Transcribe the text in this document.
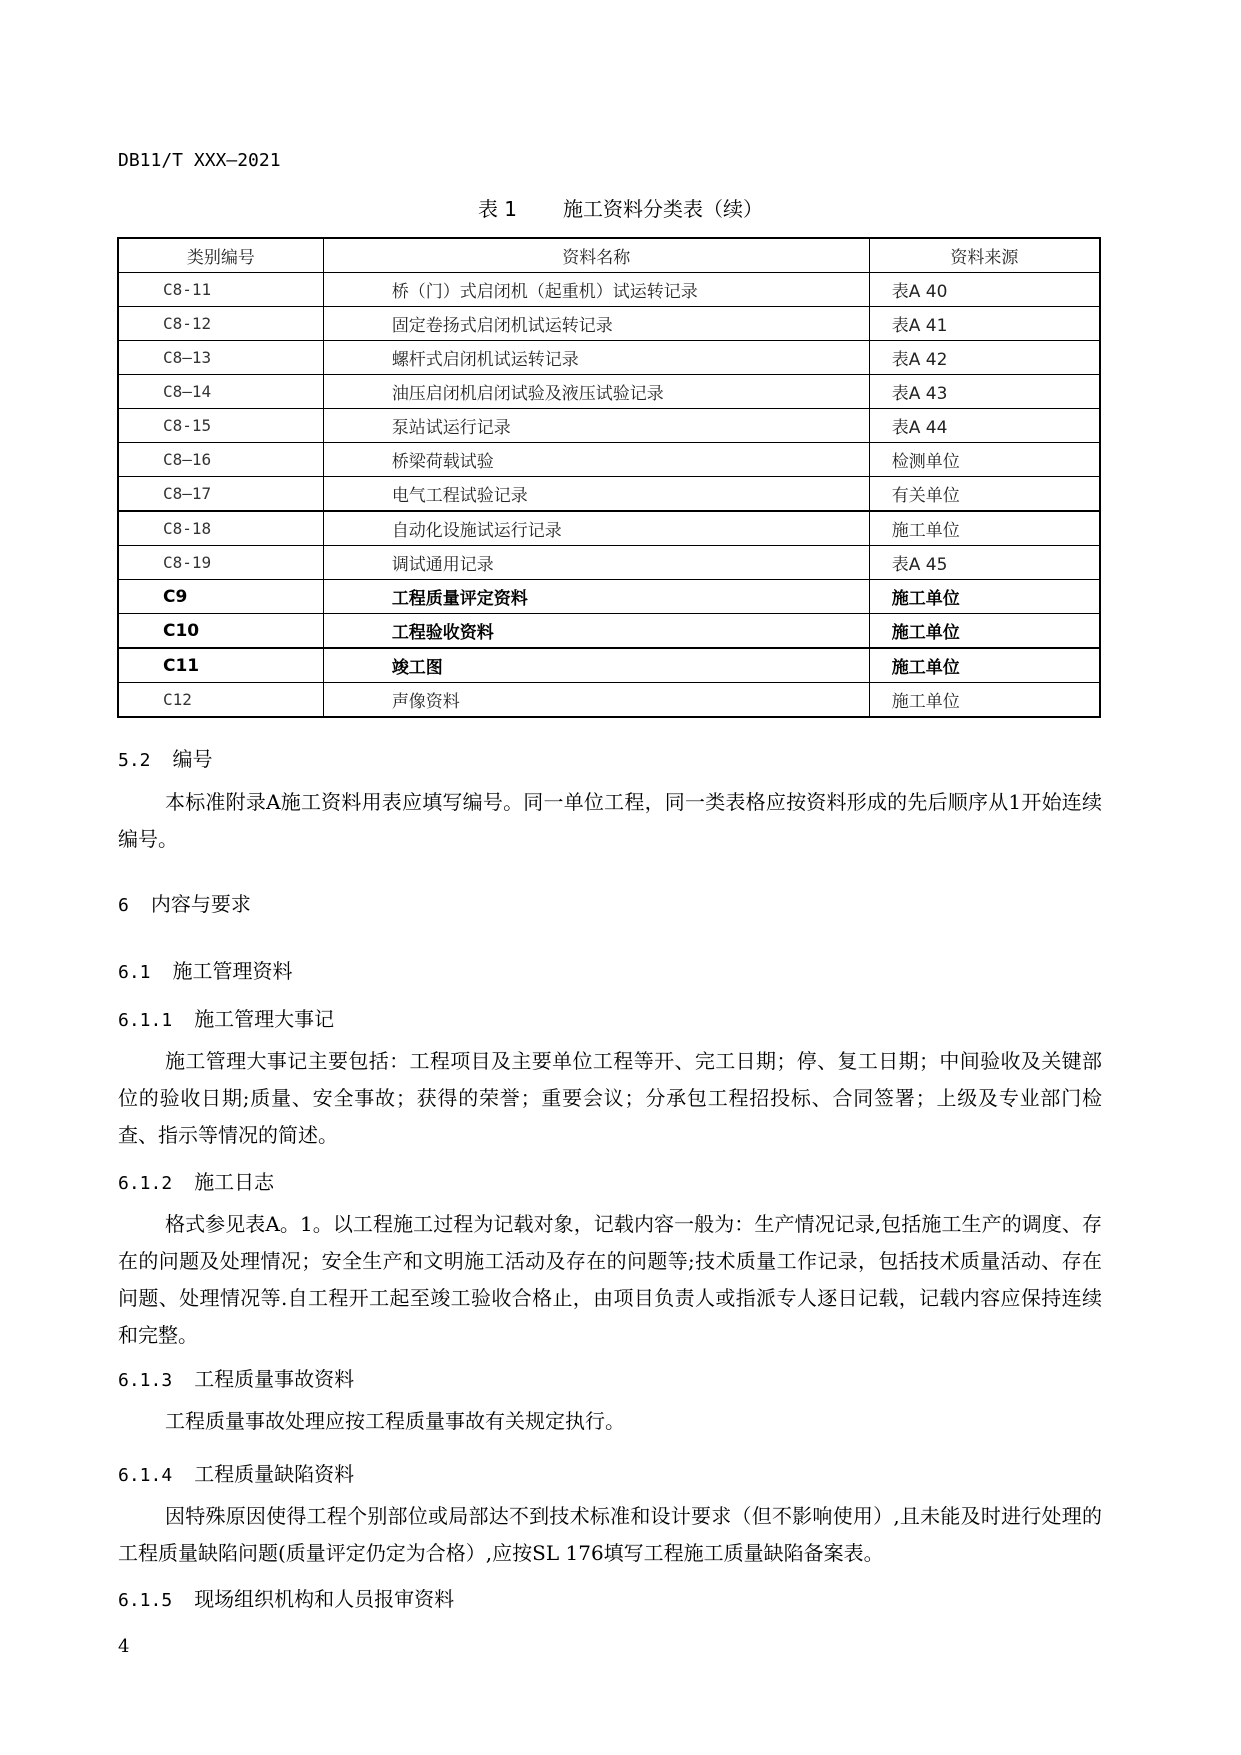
DB11/T XXX—2021
表 1 施工资料分类表（续）
类别编号	资料名称	资料来源
C8-11	桥（门）式启闭机（起重机）试运转记录	表A 40
C8-12	固定卷扬式启闭机试运转记录	表A 41
C8—13	螺杆式启闭机试运转记录	表A 42
C8—14	油压启闭机启闭试验及液压试验记录	表A 43
C8-15	泵站试运行记录	表A 44
C8—16	桥梁荷载试验	检测单位
C8—17	电气工程试验记录	有关单位
C8-18	自动化设施试运行记录	施工单位
C8-19	调试通用记录	表A 45
C9	工程质量评定资料	施工单位
C10	工程验收资料	施工单位
C11	竣工图	施工单位
C12	声像资料	施工单位
5.2 编号
本标准附录A施工资料用表应填写编号。同一单位工程，同一类表格应按资料形成的先后顺序从1开始连续编号。
6 内容与要求
6.1 施工管理资料
6.1.1 施工管理大事记
施工管理大事记主要包括：工程项目及主要单位工程等开、完工日期；停、复工日期；中间验收及关键部位的验收日期;质量、安全事故；获得的荣誉；重要会议；分承包工程招投标、合同签署；上级及专业部门检查、指示等情况的简述。
6.1.2 施工日志
格式参见表A。1。以工程施工过程为记载对象，记载内容一般为：生产情况记录,包括施工生产的调度、存在的问题及处理情况；安全生产和文明施工活动及存在的问题等;技术质量工作记录，包括技术质量活动、存在问题、处理情况等.自工程开工起至竣工验收合格止，由项目负责人或指派专人逐日记载，记载内容应保持连续和完整。
6.1.3 工程质量事故资料
工程质量事故处理应按工程质量事故有关规定执行。
6.1.4 工程质量缺陷资料
因特殊原因使得工程个别部位或局部达不到技术标准和设计要求（但不影响使用）,且未能及时进行处理的工程质量缺陷问题(质量评定仍定为合格）,应按SL 176填写工程施工质量缺陷备案表。
6.1.5 现场组织机构和人员报审资料
4
